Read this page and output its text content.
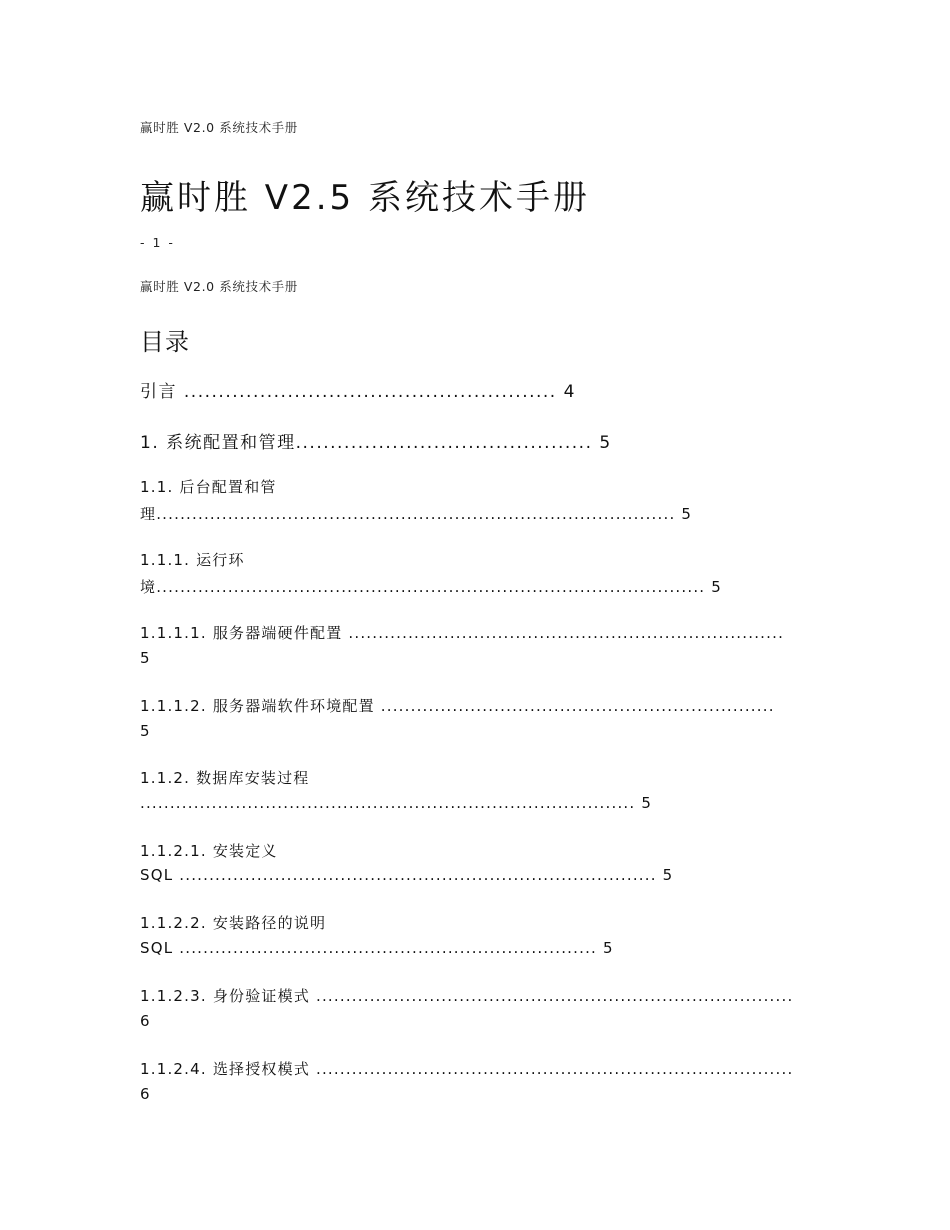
赢时胜 V2.0 系统技术手册
赢时胜 V2.5 系统技术手册
- 1 -
赢时胜 V2.0 系统技术手册
目录
引言 ...................................................... 4
1. 系统配置和管理........................................... 5
1.1. 后台配置和管
理....................................................................................... 5
1.1.1. 运行环
境............................................................................................ 5
1.1.1.1. 服务器端硬件配置 .........................................................................
5
1.1.1.2. 服务器端软件环境配置 ..................................................................
5
1.1.2. 数据库安装过程
................................................................................... 5
1.1.2.1. 安装定义
SQL ................................................................................ 5
1.1.2.2. 安装路径的说明
SQL ...................................................................... 5
1.1.2.3. 身份验证模式 ................................................................................
6
1.1.2.4. 选择授权模式 ................................................................................
6
